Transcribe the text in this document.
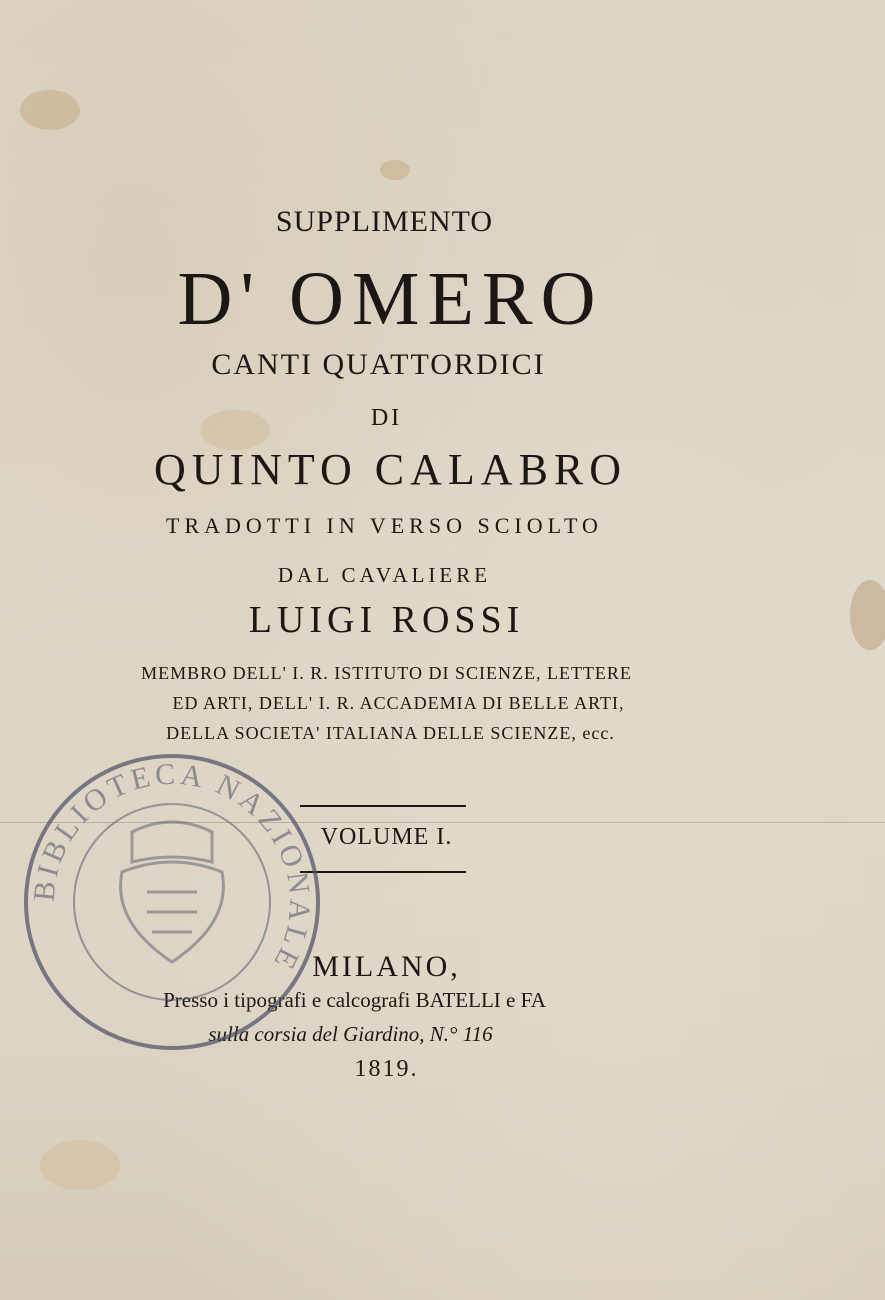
SUPPLIMENTO
D' OMERO
CANTI QUATTORDICI
DI
QUINTO CALABRO
TRADOTTI IN VERSO SCIOLTO
DAL CAVALIERE
LUIGI ROSSI
MEMBRO DELL' I. R. ISTITUTO DI SCIENZE, LETTERE
ED ARTI, DELL' I. R. ACCADEMIA DI BELLE ARTI,
DELLA SOCIETA' ITALIANA DELLE SCIENZE, ecc.
VOLUME I.
MILANO,
Presso i tipografi e calcografi BATELLI e FA
sulla corsia del Giardino, N.° 116
1819.
BIBLIOTECA NAZIONALE
